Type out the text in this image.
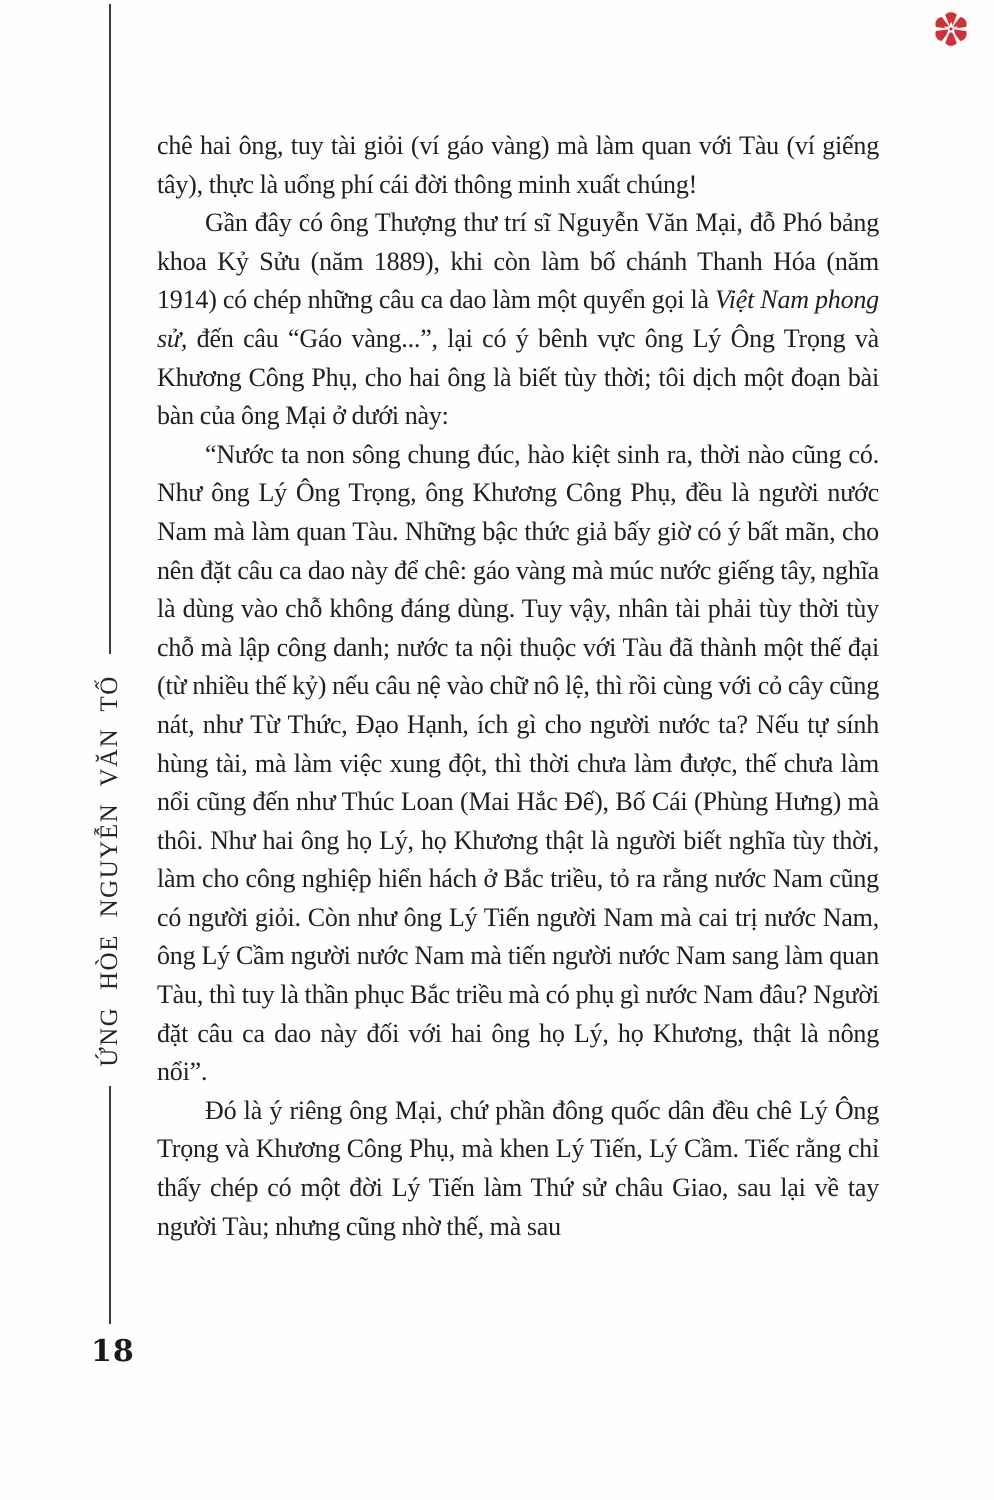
ỨNG HÒE NGUYỄN VĂN TỐ
18

chê hai ông, tuy tài giỏi (ví gáo vàng) mà làm quan với Tàu (ví giếng tây), thực là uổng phí cái đời thông minh xuất chúng!

Gần đây có ông Thượng thư trí sĩ Nguyễn Văn Mại, đỗ Phó bảng khoa Kỷ Sửu (năm 1889), khi còn làm bố chánh Thanh Hóa (năm 1914) có chép những câu ca dao làm một quyển gọi là Việt Nam phong sử, đến câu “Gáo vàng...”, lại có ý bênh vực ông Lý Ông Trọng và Khương Công Phụ, cho hai ông là biết tùy thời; tôi dịch một đoạn bài bàn của ông Mại ở dưới này:

“Nước ta non sông chung đúc, hào kiệt sinh ra, thời nào cũng có. Như ông Lý Ông Trọng, ông Khương Công Phụ, đều là người nước Nam mà làm quan Tàu. Những bậc thức giả bấy giờ có ý bất mãn, cho nên đặt câu ca dao này để chê: gáo vàng mà múc nước giếng tây, nghĩa là dùng vào chỗ không đáng dùng. Tuy vậy, nhân tài phải tùy thời tùy chỗ mà lập công danh; nước ta nội thuộc với Tàu đã thành một thế đại (từ nhiều thế kỷ) nếu câu nệ vào chữ nô lệ, thì rồi cùng với cỏ cây cũng nát, như Từ Thức, Đạo Hạnh, ích gì cho người nước ta? Nếu tự sính hùng tài, mà làm việc xung đột, thì thời chưa làm được, thế chưa làm nổi cũng đến như Thúc Loan (Mai Hắc Đế), Bố Cái (Phùng Hưng) mà thôi. Như hai ông họ Lý, họ Khương thật là người biết nghĩa tùy thời, làm cho công nghiệp hiển hách ở Bắc triều, tỏ ra rằng nước Nam cũng có người giỏi. Còn như ông Lý Tiến người Nam mà cai trị nước Nam, ông Lý Cầm người nước Nam mà tiến người nước Nam sang làm quan Tàu, thì tuy là thần phục Bắc triều mà có phụ gì nước Nam đâu? Người đặt câu ca dao này đối với hai ông họ Lý, họ Khương, thật là nông nổi”.

Đó là ý riêng ông Mại, chứ phần đông quốc dân đều chê Lý Ông Trọng và Khương Công Phụ, mà khen Lý Tiến, Lý Cầm. Tiếc rằng chỉ thấy chép có một đời Lý Tiến làm Thứ sử châu Giao, sau lại về tay người Tàu; nhưng cũng nhờ thế, mà sau
